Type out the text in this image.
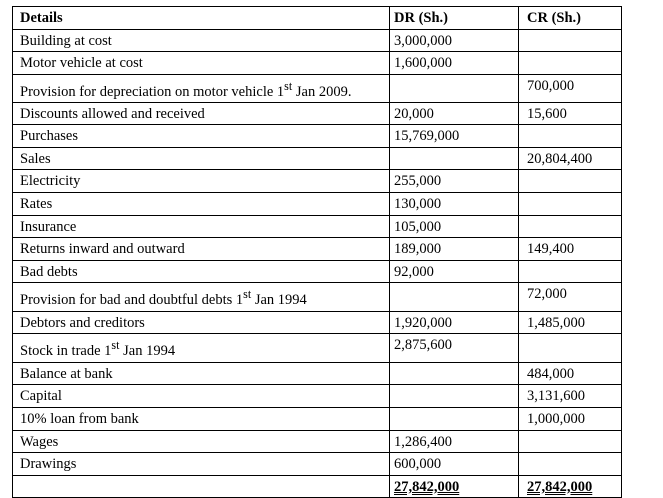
Details	DR (Sh.)	CR (Sh.)
Building at cost	3,000,000	
Motor vehicle at cost	1,600,000	
Provision for depreciation on motor vehicle 1st Jan 2009.		700,000
Discounts allowed and received	20,000	15,600
Purchases	15,769,000	
Sales		20,804,400
Electricity	255,000	
Rates	130,000	
Insurance	105,000	
Returns inward and outward	189,000	149,400
Bad debts	92,000	
Provision for bad and doubtful debts 1st Jan 1994		72,000
Debtors and creditors	1,920,000	1,485,000
Stock in trade 1st Jan 1994	2,875,600	
Balance at bank		484,000
Capital		3,131,600
10% loan from bank		1,000,000
Wages	1,286,400	
Drawings	600,000	
	27,842,000	27,842,000
